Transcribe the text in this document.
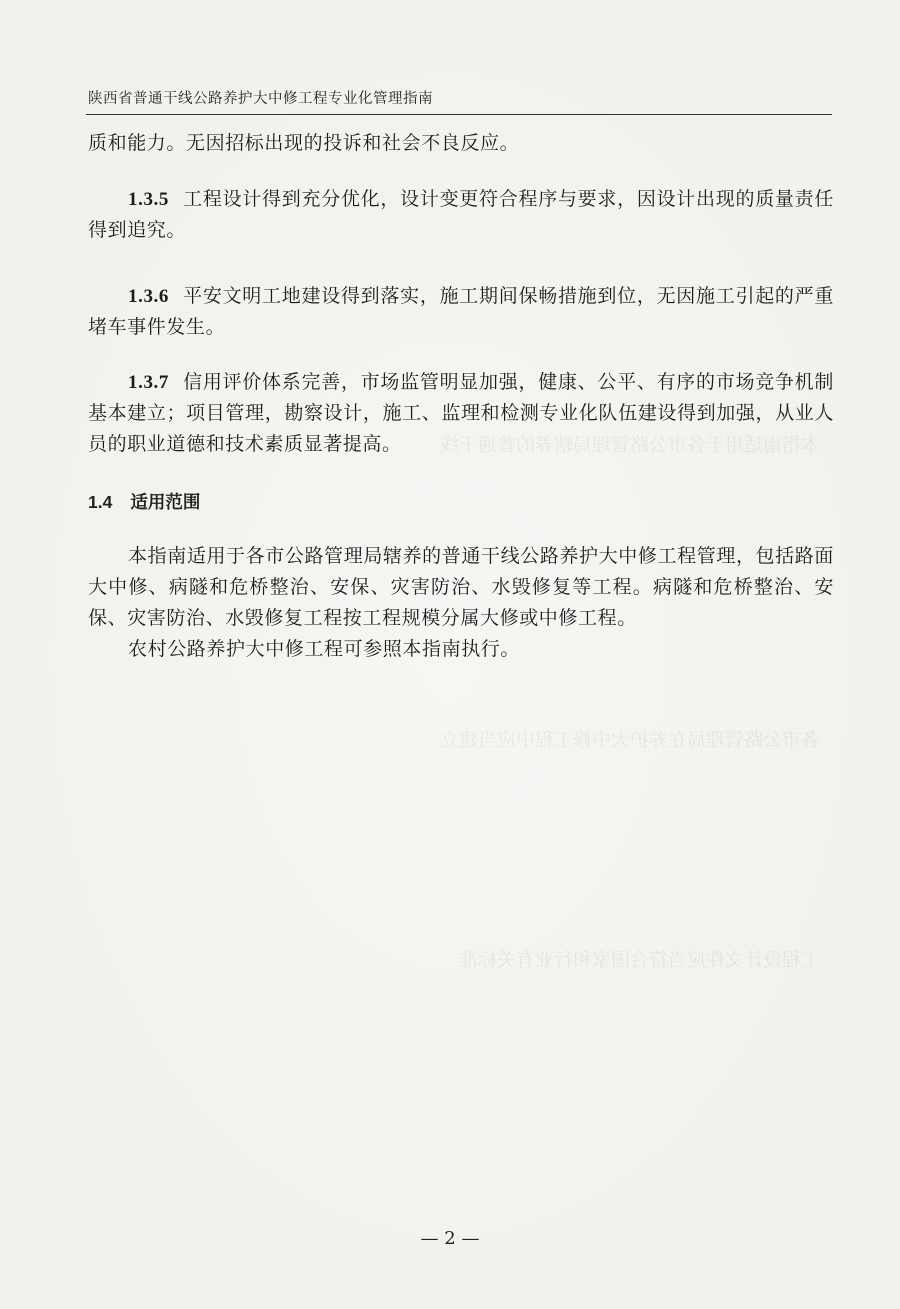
本指南适用于各市公路管理局辖养的普通干线
各市公路管理局在养护大中修工程中应当建立
工程设计文件应当符合国家和行业有关标准
陕西省普通干线公路养护大中修工程专业化管理指南

质和能力。无因招标出现的投诉和社会不良反应。

1.3.5 工程设计得到充分优化，设计变更符合程序与要求，因设计出现的质量责任得到追究。

1.3.6 平安文明工地建设得到落实，施工期间保畅措施到位，无因施工引起的严重堵车事件发生。

1.3.7 信用评价体系完善，市场监管明显加强，健康、公平、有序的市场竞争机制基本建立；项目管理，勘察设计，施工、监理和检测专业化队伍建设得到加强，从业人员的职业道德和技术素质显著提高。

1.4 适用范围

本指南适用于各市公路管理局辖养的普通干线公路养护大中修工程管理，包括路面大中修、病隧和危桥整治、安保、灾害防治、水毁修复等工程。病隧和危桥整治、安保、灾害防治、水毁修复工程按工程规模分属大修或中修工程。

农村公路养护大中修工程可参照本指南执行。

— 2 —
